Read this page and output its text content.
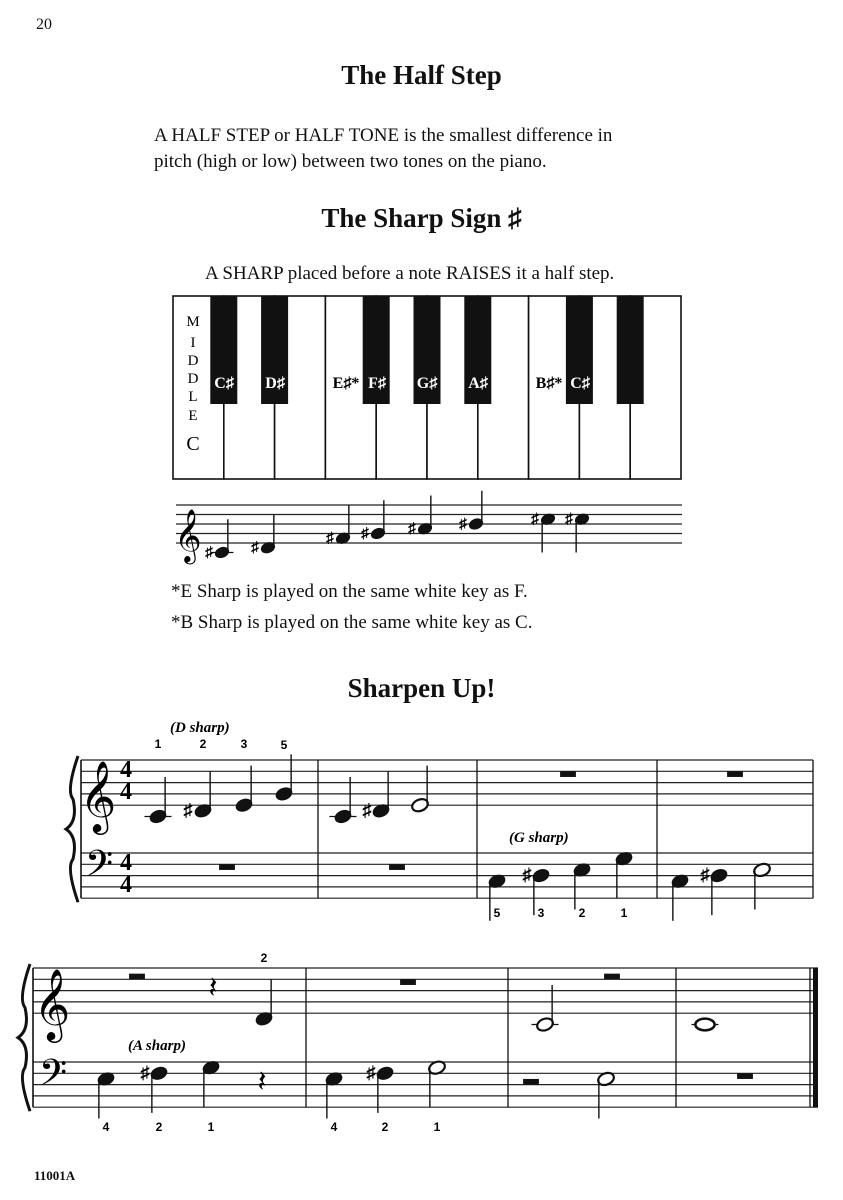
20
The Half Step
A HALF STEP or HALF TONE is the smallest difference in
pitch (high or low) between two tones on the piano.
The Sharp Sign ♯
A SHARP placed before a note RAISES it a half step.
𝄞 ♯	♯
♯ ♯	♯	♯	♯ ♯
𝄞
𝄢
♯	♯
♯	♯
𝄞
𝄢
𝄽
♯	𝄽	♯
(D sharp)
(G sharp)
(A sharp)
1	2	3	5
5	3	2	1
2
4	2	1	4	2	1
4
4
4
4
M
I
D
D
L
E
C
C♯ D♯	F♯ G♯ A♯	C♯
E♯*	B♯*
*E Sharp is played on the same white key as F.
*B Sharp is played on the same white key as C.
Sharpen Up!
11001A
